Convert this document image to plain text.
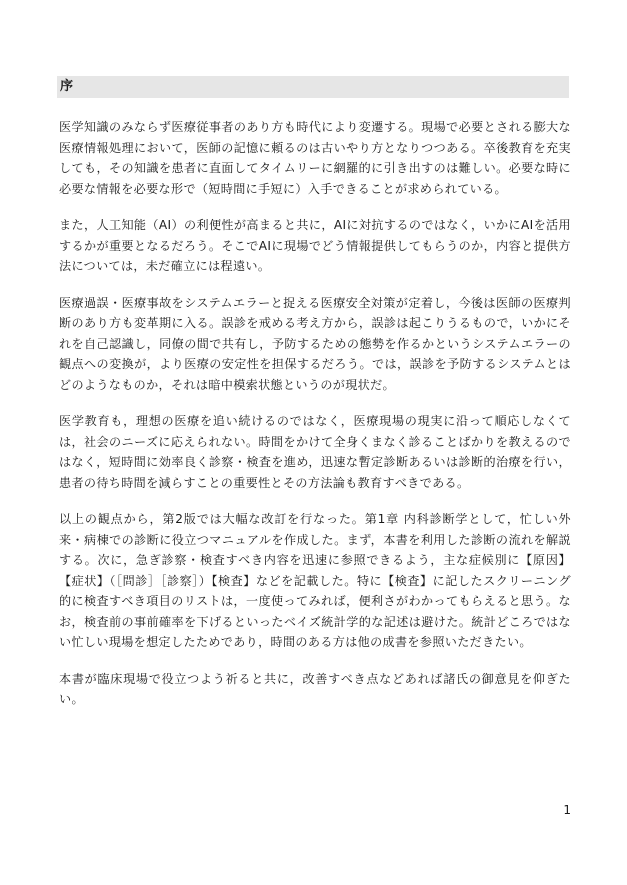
序

医学知識のみならず医療従事者のあり方も時代により変遷する。現場で必要とされる膨大な医療情報処理において，医師の記憶に頼るのは古いやり方となりつつある。卒後教育を充実しても，その知識を患者に直面してタイムリーに網羅的に引き出すのは難しい。必要な時に必要な情報を必要な形で（短時間に手短に）入手できることが求められている。

また，人工知能（AI）の利便性が高まると共に，AIに対抗するのではなく，いかにAIを活用するかが重要となるだろう。そこでAIに現場でどう情報提供してもらうのか，内容と提供方法については，未だ確立には程遠い。

医療過誤・医療事故をシステムエラーと捉える医療安全対策が定着し，今後は医師の医療判断のあり方も変革期に入る。誤診を戒める考え方から，誤診は起こりうるもので，いかにそれを自己認識し，同僚の間で共有し，予防するための態勢を作るかというシステムエラーの観点への変換が，より医療の安定性を担保するだろう。では，誤診を予防するシステムとはどのようなものか，それは暗中模索状態というのが現状だ。

医学教育も，理想の医療を追い続けるのではなく，医療現場の現実に沿って順応しなくては，社会のニーズに応えられない。時間をかけて全身くまなく診ることばかりを教えるのではなく，短時間に効率良く診察・検査を進め，迅速な暫定診断あるいは診断的治療を行い，患者の待ち時間を減らすことの重要性とその方法論も教育すべきである。

以上の観点から，第2版では大幅な改訂を行なった。第1章 内科診断学として，忙しい外来・病棟での診断に役立つマニュアルを作成した。まず，本書を利用した診断の流れを解説する。次に，急ぎ診察・検査すべき内容を迅速に参照できるよう，主な症候別に【原因】【症状】（［問診］［診察］）【検査】などを記載した。特に【検査】に記したスクリーニング的に検査すべき項目のリストは，一度使ってみれば，便利さがわかってもらえると思う。なお，検査前の事前確率を下げるといったベイズ統計学的な記述は避けた。統計どころではない忙しい現場を想定したためであり，時間のある方は他の成書を参照いただきたい。

本書が臨床現場で役立つよう祈ると共に，改善すべき点などあれば諸氏の御意見を仰ぎたい。

1
